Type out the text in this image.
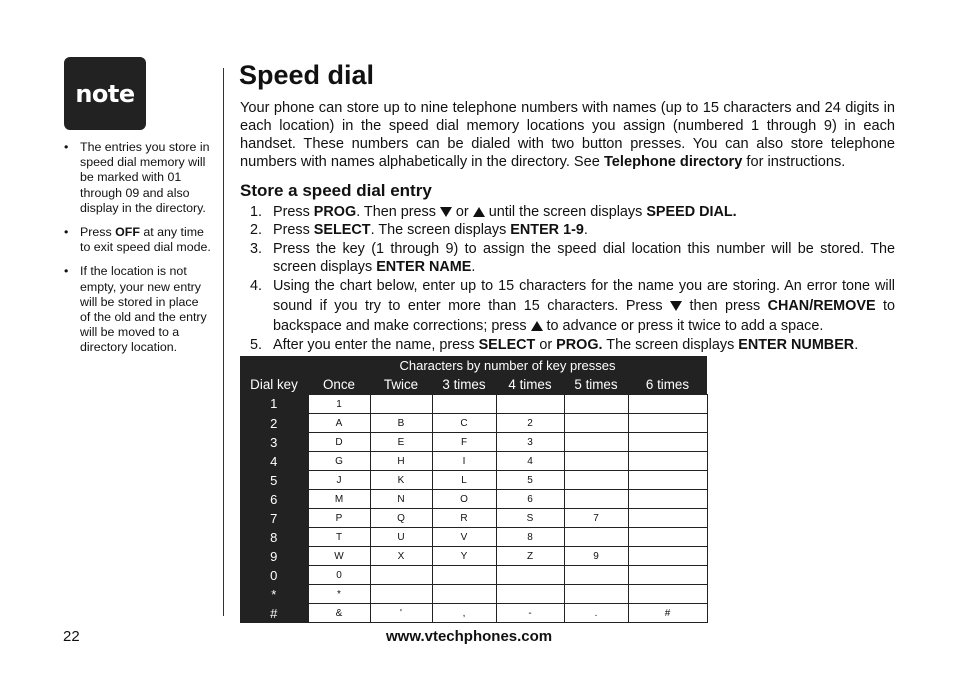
note
• The entries you store in speed dial memory will be marked with 01 through 09 and also display in the directory.
• Press OFF at any time to exit speed dial mode.
• If the location is not empty, your new entry will be stored in place of the old and the entry will be moved to a directory location.
Speed dial
Your phone can store up to nine telephone numbers with names (up to 15 characters and 24 digits in each location) in the speed dial memory locations you assign (numbered 1 through 9) in each handset. These numbers can be dialed with two button presses. You can also store telephone numbers with names alphabetically in the directory. See Telephone directory for instructions.
Store a speed dial entry
1. Press PROG. Then press  or  until the screen displays SPEED DIAL.
2. Press SELECT. The screen displays ENTER 1-9.
3. Press the key (1 through 9) to assign the speed dial location this number will be stored. The screen displays ENTER NAME.
4. Using the chart below, enter up to 15 characters for the name you are storing. An error tone will sound if you try to enter more than 15 characters. Press  then press CHAN/REMOVE to backspace and make corrections; press  to advance or press it twice to add a space.
5. After you enter the name, press SELECT or PROG. The screen displays ENTER NUMBER.
	Characters by number of key presses					
Dial key	Once	Twice	3 times	4 times	5 times	6 times
1	1					
2	A	B	C	2		
3	D	E	F	3		
4	G	H	I	4		
5	J	K	L	5		
6	M	N	O	6		
7	P	Q	R	S	7	
8	T	U	V	8		
9	W	X	Y	Z	9	
0	0					
*	*					
#	&	'	,	-	.	#
22	www.vtechphones.com
